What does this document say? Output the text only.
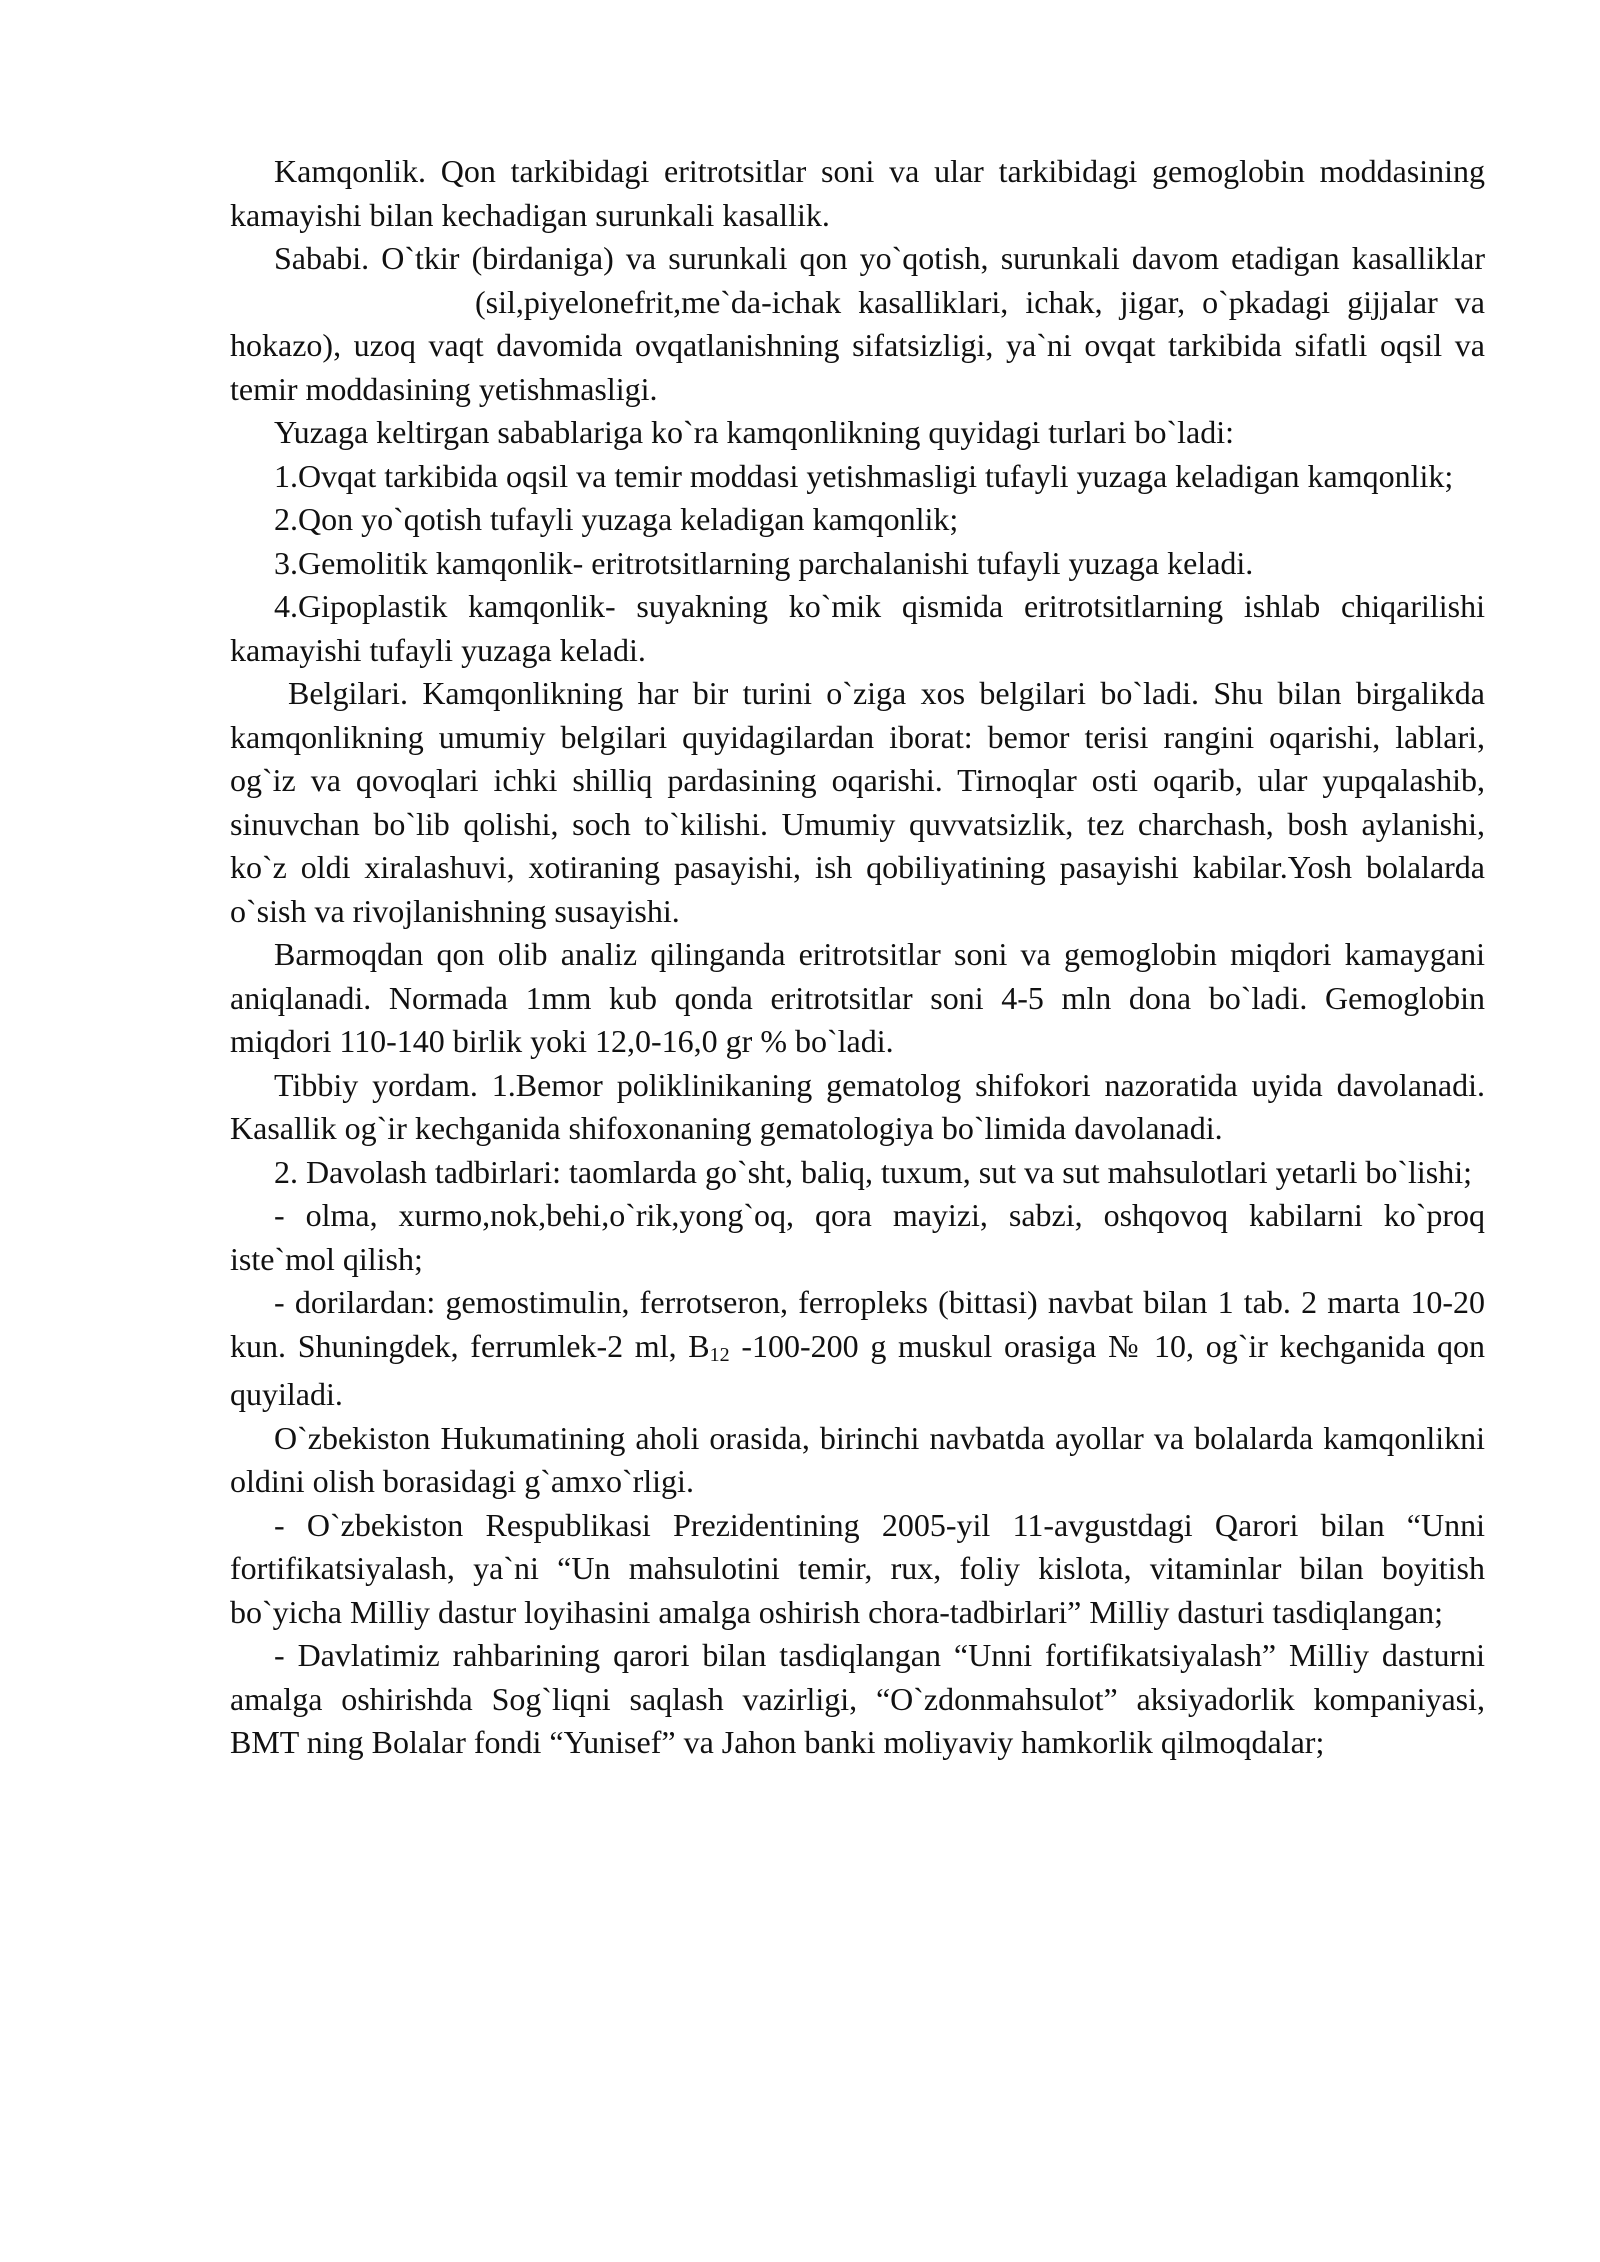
Kamqonlik. Qon tarkibidagi eritrotsitlar soni va ular tarkibidagi gemoglobin moddasining kamayishi bilan kechadigan surunkali kasallik.

Sababi. O`tkir (birdaniga) va surunkali qon yo`qotish, surunkali davom etadigan kasalliklar(sil,piyelonefrit,me`da-ichak kasalliklari, ichak, jigar, o`pkadagi gijjalar va hokazo), uzoq vaqt davomida ovqatlanishning sifatsizligi, ya`ni ovqat tarkibida sifatli oqsil va temir moddasining yetishmasligi.

Yuzaga keltirgan sabablariga ko`ra kamqonlikning quyidagi turlari bo`ladi:

1.Ovqat tarkibida oqsil va temir moddasi yetishmasligi tufayli yuzaga keladigan kamqonlik;

2.Qon yo`qotish tufayli yuzaga keladigan kamqonlik;

3.Gemolitik kamqonlik- eritrotsitlarning parchalanishi tufayli yuzaga keladi.

4.Gipoplastik kamqonlik- suyakning ko`mik qismida eritrotsitlarning ishlab chiqarilishi kamayishi tufayli yuzaga keladi.

Belgilari. Kamqonlikning har bir turini o`ziga xos belgilari bo`ladi. Shu bilan birgalikda kamqonlikning umumiy belgilari quyidagilardan iborat: bemor terisi rangini oqarishi, lablari, og`iz va qovoqlari ichki shilliq pardasining oqarishi. Tirnoqlar osti oqarib, ular yupqalashib, sinuvchan bo`lib qolishi, soch to`kilishi. Umumiy quvvatsizlik, tez charchash, bosh aylanishi, ko`z oldi xiralashuvi, xotiraning pasayishi, ish qobiliyatining pasayishi kabilar.Yosh bolalarda o`sish va rivojlanishning susayishi.

Barmoqdan qon olib analiz qilinganda eritrotsitlar soni va gemoglobin miqdori kamaygani aniqlanadi. Normada 1mm kub qonda eritrotsitlar soni 4-5 mln dona bo`ladi. Gemoglobin miqdori 110-140 birlik yoki 12,0-16,0 gr % bo`ladi.

Tibbiy yordam. 1.Bemor poliklinikaning gematolog shifokori nazoratida uyida davolanadi. Kasallik og`ir kechganida shifoxonaning gematologiya bo`limida davolanadi.

2. Davolash tadbirlari: taomlarda go`sht, baliq, tuxum, sut va sut mahsulotlari yetarli bo`lishi;

- olma, xurmo,nok,behi,o`rik,yong`oq, qora mayizi, sabzi, oshqovoq kabilarni ko`proq iste`mol qilish;

- dorilardan: gemostimulin, ferrotseron, ferropleks (bittasi) navbat bilan 1 tab. 2 marta 10-20 kun. Shuningdek, ferrumlek-2 ml, $B_{12}$ -100-200 g muskul orasiga № 10, og`ir kechganida qon quyiladi.

O`zbekiston Hukumatining aholi orasida, birinchi navbatda ayollar va bolalarda kamqonlikni oldini olish borasidagi g`amxo`rligi.

- O`zbekiston Respublikasi Prezidentining 2005-yil 11-avgustdagi Qarori bilan “Unni fortifikatsiyalash, ya`ni “Un mahsulotini temir, rux, foliy kislota, vitaminlar bilan boyitish bo`yicha Milliy dastur loyihasini amalga oshirish chora-tadbirlari” Milliy dasturi tasdiqlangan;

- Davlatimiz rahbarining qarori bilan tasdiqlangan “Unni fortifikatsiyalash” Milliy dasturni amalga oshirishda Sog`liqni saqlash vazirligi, “O`zdonmahsulot” aksiyadorlik kompaniyasi, BMT ning Bolalar fondi “Yunisef” va Jahon banki moliyaviy hamkorlik qilmoqdalar;
